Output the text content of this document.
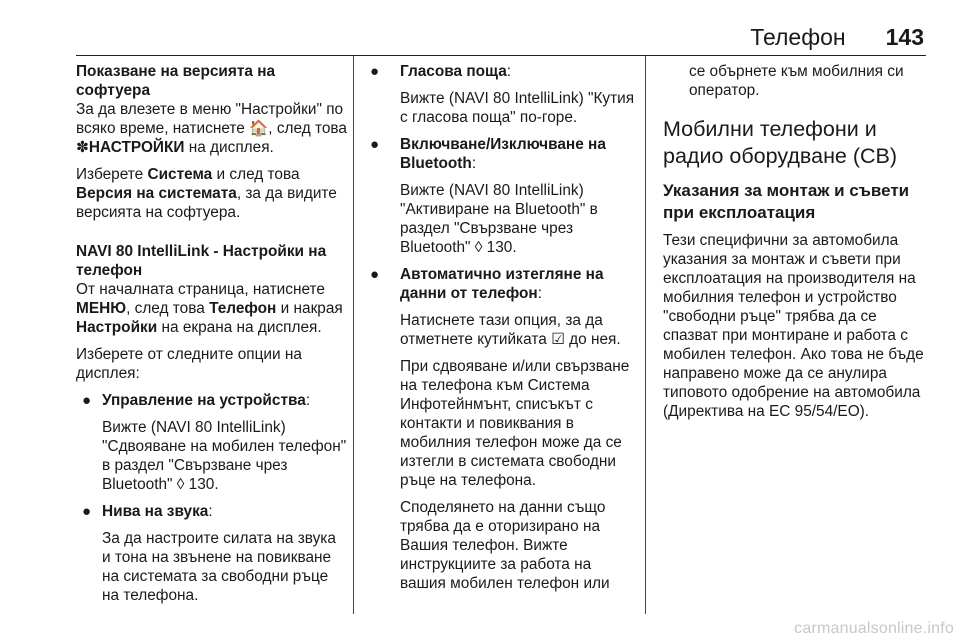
Телефон 143

Показване на версията на софтуера

За да влезете в меню "Настройки" по всяко време, натиснете 🏠, след това ✽НАСТРОЙКИ на дисплея.

Изберете Система и след това Версия на системата, за да видите версията на софтуера.

NAVI 80 IntelliLink - Настройки на телефон

От началната страница, натиснете МЕНЮ, след това Телефон и накрая Настройки на екрана на дисплея.

Изберете от следните опции на дисплея:

● Управление на устройства:

Вижте (NAVI 80 IntelliLink) "Сдвояване на мобилен телефон" в раздел "Свързване чрез Bluetooth" ◊ 130.

● Нива на звука:

За да настроите силата на звука и тона на звънене на повикване на системата за свободни ръце на телефона.

● Гласова поща:

Вижте (NAVI 80 IntelliLink) "Кутия с гласова поща" по-горе.

● Включване/Изключване на Bluetooth:

Вижте (NAVI 80 IntelliLink) "Активиране на Bluetooth" в раздел "Свързване чрез Bluetooth" ◊ 130.

● Автоматично изтегляне на данни от телефон:

Натиснете тази опция, за да отметнете кутийката ☑ до нея.

При сдвояване и/или свързване на телефона към Система Инфотейнмънт, списъкът с контакти и повиквания в мобилния телефон може да се изтегли в системата свободни ръце на телефона.

Споделянето на данни също трябва да е оторизирано на Вашия телефон. Вижте инструкциите за работа на вашия мобилен телефон или

се обърнете към мобилния си оператор.

Мобилни телефони и радио оборудване (CB)
Указания за монтаж и съвети при експлоатация

Тези специфични за автомобила указания за монтаж и съвети при експлоатация на производителя на мобилния телефон и устройство "свободни ръце" трябва да се спазват при монтиране и работа с мобилен телефон. Ако това не бъде направено може да се анулира типовото одобрение на автомобила (Директива на ЕС 95/54/EO).

carmanualsonline.info
